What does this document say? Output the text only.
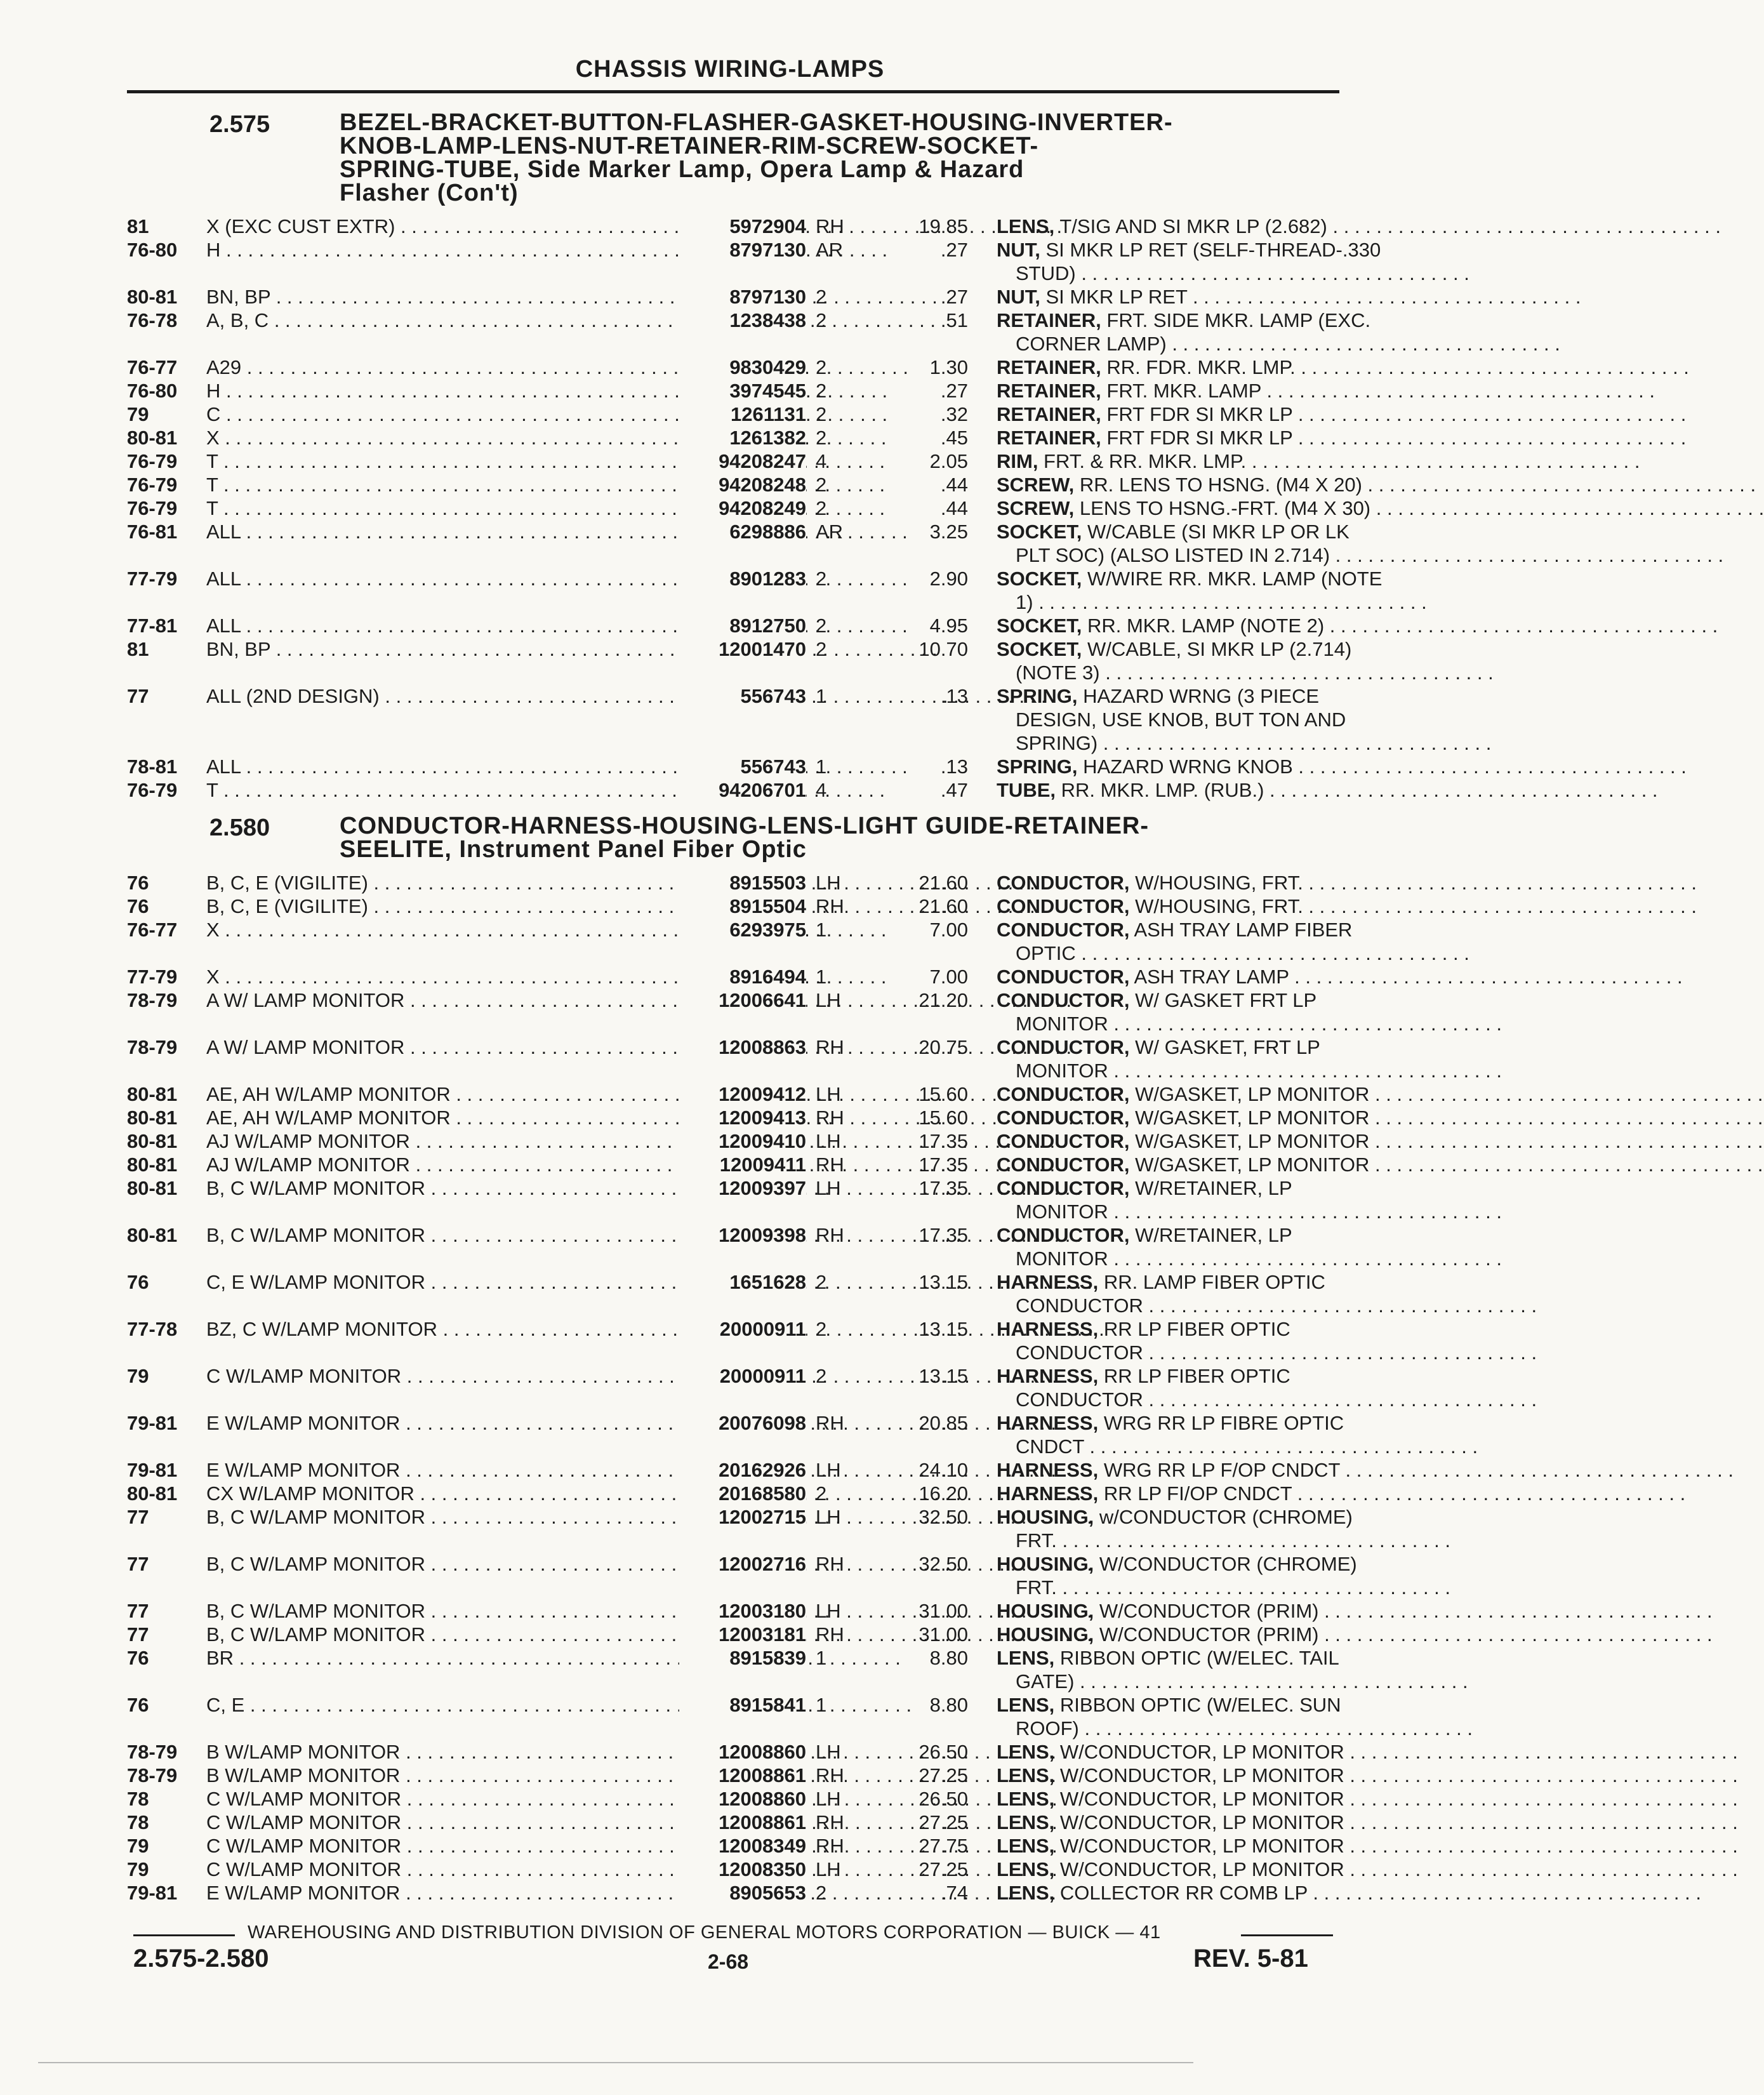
CHASSIS WIRING-LAMPS
2.575	BEZEL-BRACKET-BUTTON-FLASHER-GASKET-HOUSING-INVERTER-
KNOB-LAMP-LENS-NUT-RETAINER-RIM-SCREW-SOCKET-
SPRING-TUBE, Side Marker Lamp, Opera Lamp & Hazard
Flasher (Con't)
81	X (EXC CUST EXTR) . . .	5972904 RH	19.85 LENS, T/SIG AND SI MKR LP (2.682) . . .
76-80	H . . .	8797130 AR	.27 NUT, SI MKR LP RET (SELF-THREAD-.330
STUD) . . .
80-81	BN, BP . . .	8797130 2	.27 NUT, SI MKR LP RET . . .
76-78	A, B, C . . .	1238438 2	.51 RETAINER, FRT. SIDE MKR. LAMP (EXC.
CORNER LAMP) . . .
76-77	A29 . . .	9830429 2	1.30 RETAINER, RR. FDR. MKR. LMP. . . .
76-80	H . . .	3974545 2	.27 RETAINER, FRT. MKR. LAMP . . .
79	C . . .	1261131 2	.32 RETAINER, FRT FDR SI MKR LP . . .
80-81	X . . .	1261382 2	.45 RETAINER, FRT FDR SI MKR LP . . .
76-79	T . . .	94208247 4	2.05 RIM, FRT. & RR. MKR. LMP. . . .
76-79	T . . .	94208248 2	.44 SCREW, RR. LENS TO HSNG. (M4 X 20) . . .
76-79	T . . .	94208249 2	.44 SCREW, LENS TO HSNG.-FRT. (M4 X 30) . . .
76-81	ALL . . .	6298886 AR	3.25 SOCKET, W/CABLE (SI MKR LP OR LK
PLT SOC) (ALSO LISTED IN 2.714) . . .
77-79	ALL . . .	8901283 2	2.90 SOCKET, W/WIRE RR. MKR. LAMP (NOTE
1) . . .
77-81	ALL . . .	8912750 2	4.95 SOCKET, RR. MKR. LAMP (NOTE 2) . . .
81	BN, BP . . .	12001470 2	10.70 SOCKET, W/CABLE, SI MKR LP (2.714)
(NOTE 3) . . .
77	ALL (2ND DESIGN) . . .	556743 1	.13 SPRING, HAZARD WRNG (3 PIECE
DESIGN, USE KNOB, BUT TON AND
SPRING) . . .
78-81	ALL . . .	556743 1	.13 SPRING, HAZARD WRNG KNOB . . .
76-79	T . . .	94206701 4	.47 TUBE, RR. MKR. LMP. (RUB.) . . .
2.580	CONDUCTOR-HARNESS-HOUSING-LENS-LIGHT GUIDE-RETAINER-
SEELITE, Instrument Panel Fiber Optic
76	B, C, E (VIGILITE) . . .	8915503 LH	21.60 CONDUCTOR, W/HOUSING, FRT. . . .
76	B, C, E (VIGILITE) . . .	8915504 RH	21.60 CONDUCTOR, W/HOUSING, FRT. . . .
76-77	X . . .	6293975 1	7.00 CONDUCTOR, ASH TRAY LAMP FIBER
OPTIC . . .
77-79	X . . .	8916494 1	7.00 CONDUCTOR, ASH TRAY LAMP . . .
78-79	A W/ LAMP MONITOR . . .	12006641 LH	21.20 CONDUCTOR, W/ GASKET FRT LP
MONITOR . . .
78-79	A W/ LAMP MONITOR . . .	12008863 RH	20.75 CONDUCTOR, W/ GASKET, FRT LP
MONITOR . . .
80-81	AE, AH W/LAMP MONITOR . . .	12009412 LH	15.60 CONDUCTOR, W/GASKET, LP MONITOR . . .
80-81	AE, AH W/LAMP MONITOR . . .	12009413 RH	15.60 CONDUCTOR, W/GASKET, LP MONITOR . . .
80-81	AJ W/LAMP MONITOR . . .	12009410 LH	17.35 CONDUCTOR, W/GASKET, LP MONITOR . . .
80-81	AJ W/LAMP MONITOR . . .	12009411 RH	17.35 CONDUCTOR, W/GASKET, LP MONITOR . . .
80-81	B, C W/LAMP MONITOR . . .	12009397 LH	17.35 CONDUCTOR, W/RETAINER, LP
MONITOR . . .
80-81	B, C W/LAMP MONITOR . . .	12009398 RH	17.35 CONDUCTOR, W/RETAINER, LP
MONITOR . . .
76	C, E W/LAMP MONITOR . . .	1651628 2	13.15 HARNESS, RR. LAMP FIBER OPTIC
CONDUCTOR . . .
77-78	BZ, C W/LAMP MONITOR . . .	20000911 2	13.15 HARNESS, RR LP FIBER OPTIC
CONDUCTOR . . .
79	C W/LAMP MONITOR . . .	20000911 2	13.15 HARNESS, RR LP FIBER OPTIC
CONDUCTOR . . .
79-81	E W/LAMP MONITOR . . .	20076098 RH	20.85 HARNESS, WRG RR LP FIBRE OPTIC
CNDCT . . .
79-81	E W/LAMP MONITOR . . .	20162926 LH	24.10 HARNESS, WRG RR LP F/OP CNDCT . . .
80-81	CX W/LAMP MONITOR . . .	20168580 2	16.20 HARNESS, RR LP FI/OP CNDCT . . .
77	B, C W/LAMP MONITOR . . .	12002715 LH	32.50 HOUSING, w/CONDUCTOR (CHROME)
FRT. . . .
77	B, C W/LAMP MONITOR . . .	12002716 RH	32.50 HOUSING, W/CONDUCTOR (CHROME)
FRT. . . .
77	B, C W/LAMP MONITOR . . .	12003180 LH	31.00 HOUSING, W/CONDUCTOR (PRIM) . . .
77	B, C W/LAMP MONITOR . . .	12003181 RH	31.00 HOUSING, W/CONDUCTOR (PRIM) . . .
76	BR . . .	8915839 1	8.80 LENS, RIBBON OPTIC (W/ELEC. TAIL
GATE) . . .
76	C, E . . .	8915841 1	8.80 LENS, RIBBON OPTIC (W/ELEC. SUN
ROOF) . . .
78-79	B W/LAMP MONITOR . . .	12008860 LH	26.50 LENS, W/CONDUCTOR, LP MONITOR . . .
78-79	B W/LAMP MONITOR . . .	12008861 RH	27.25 LENS, W/CONDUCTOR, LP MONITOR . . .
78	C W/LAMP MONITOR . . .	12008860 LH	26.50 LENS, W/CONDUCTOR, LP MONITOR . . .
78	C W/LAMP MONITOR . . .	12008861 RH	27.25 LENS, W/CONDUCTOR, LP MONITOR . . .
79	C W/LAMP MONITOR . . .	12008349 RH	27.75 LENS, W/CONDUCTOR, LP MONITOR . . .
79	C W/LAMP MONITOR . . .	12008350 LH	27.25 LENS, W/CONDUCTOR, LP MONITOR . . .
79-81	E W/LAMP MONITOR . . .	8905653 2	.74 LENS, COLLECTOR RR COMB LP . . .
WAREHOUSING AND DISTRIBUTION DIVISION OF GENERAL MOTORS CORPORATION — BUICK — 41
2.575-2.580	2-68	REV. 5-81
